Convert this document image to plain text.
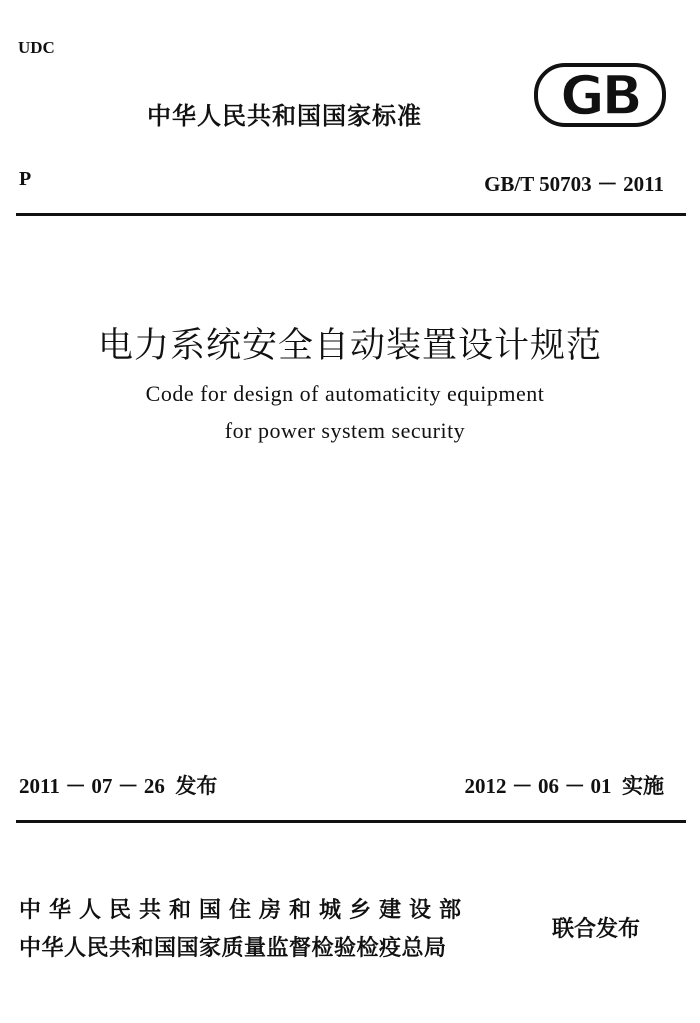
UDC
中华人民共和国国家标准	GB
P	GB/T 50703 － 2011
电力系统安全自动装置设计规范
Code for design of automaticity equipment
for power system security
2011 － 07 － 26  发布	2012 － 06 － 01  实施
中华人民共和国住房和城乡建设部
中华人民共和国国家质量监督检验检疫总局
联合发布
